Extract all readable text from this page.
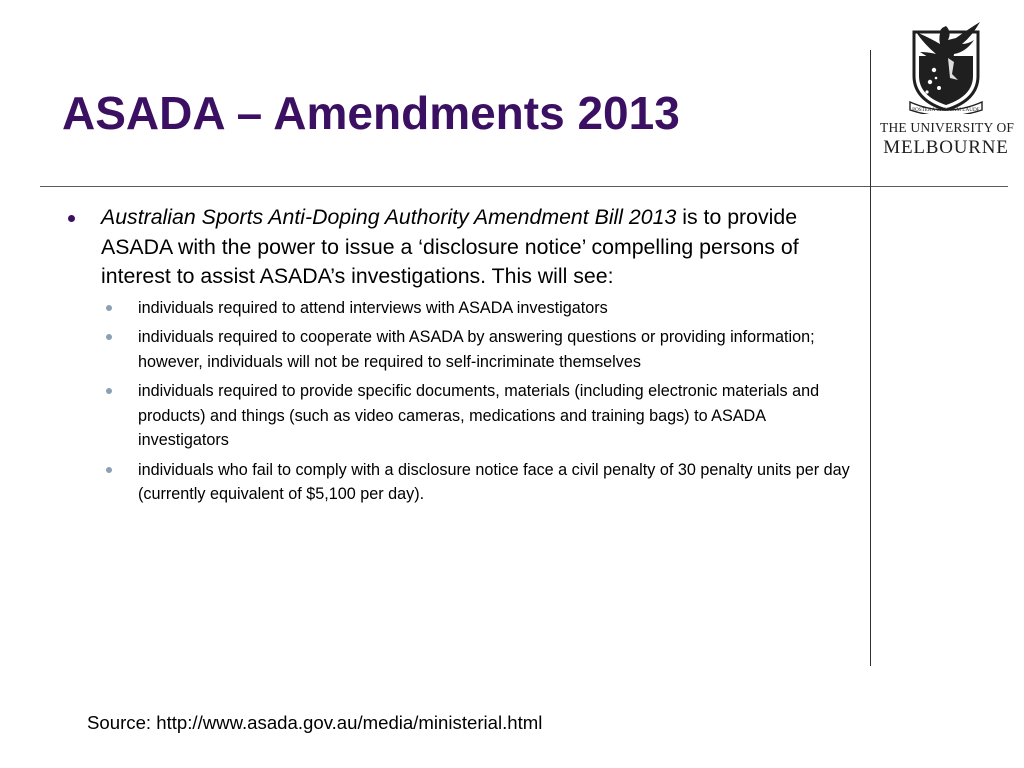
ASADA – Amendments 2013	POSTERA CRESCAM LAUDE
THE UNIVERSITY OF
MELBOURNE
Australian Sports Anti-Doping Authority Amendment Bill 2013 is to provide ASADA with the power to issue a ‘disclosure notice’ compelling persons of interest to assist ASADA’s investigations. This will see:
individuals required to attend interviews with ASADA investigators
individuals required to cooperate with ASADA by answering questions or providing information; however, individuals will not be required to self-incriminate themselves
individuals required to provide specific documents, materials (including electronic materials and products) and things (such as video cameras, medications and training bags) to ASADA investigators
individuals who fail to comply with a disclosure notice face a civil penalty of 30 penalty units per day (currently equivalent of $5,100 per day).
Source: http://www.asada.gov.au/media/ministerial.html
